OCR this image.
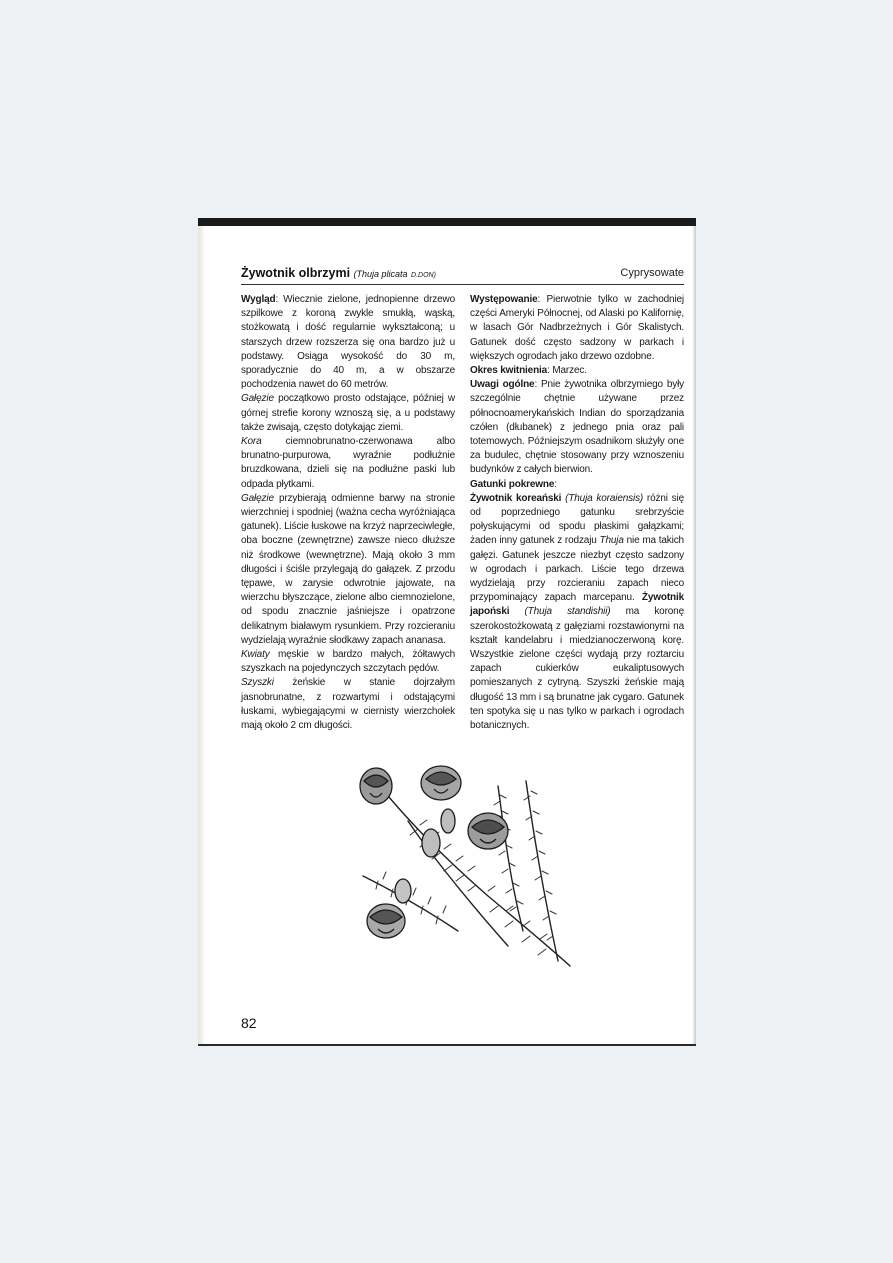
Żywotnik olbrzymi (Thuja plicata D.DON)	Cyprysowate

Wygląd: Wiecznie zielone, jednopienne drzewo szpilkowe z koroną zwykle smukłą, wąską, stożkowatą i dość regularnie wykształconą; u starszych drzew rozszerza się ona bardzo już u podstawy. Osiąga wysokość do 30 m, sporadycznie do 40 m, a w obszarze pochodzenia nawet do 60 metrów.

Gałęzie początkowo prosto odstające, później w górnej strefie korony wznoszą się, a u podstawy także zwisają, często dotykając ziemi.

Kora ciemnobrunatno-czerwonawa albo brunatno-purpurowa, wyraźnie podłużnie bruzdkowana, dzieli się na podłużne paski lub odpada płytkami.

Gałęzie przybierają odmienne barwy na stronie wierzchniej i spodniej (ważna cecha wyróżniająca gatunek). Liście łuskowe na krzyż naprzeciwległe, oba boczne (zewnętrzne) zawsze nieco dłuższe niż środkowe (wewnętrzne). Mają około 3 mm długości i ściśle przylegają do gałązek. Z przodu tępawe, w zarysie odwrotnie jajowate, na wierzchu błyszczące, zielone albo ciemnozielone, od spodu znacznie jaśniejsze i opatrzone delikatnym białawym rysunkiem. Przy rozcieraniu wydzielają wyraźnie słodkawy zapach ananasa.

Kwiaty męskie w bardzo małych, żółtawych szyszkach na pojedynczych szczytach pędów.

Szyszki żeńskie w stanie dojrzałym jasnobrunatne, z rozwartymi i odstającymi łuskami, wybiegającymi w ciernisty wierzchołek mają około 2 cm długości.

Występowanie: Pierwotnie tylko w zachodniej części Ameryki Północnej, od Alaski po Kalifornię, w lasach Gór Nadbrzeżnych i Gór Skalistych. Gatunek dość często sadzony w parkach i większych ogrodach jako drzewo ozdobne.

Okres kwitnienia: Marzec.

Uwagi ogólne: Pnie żywotnika olbrzymiego były szczególnie chętnie używane przez północnoamerykańskich Indian do sporządzania czółen (dłubanek) z jednego pnia oraz pali totemowych. Późniejszym osadnikom służyły one za budulec, chętnie stosowany przy wznoszeniu budynków z całych bierwion.

Gatunki pokrewne:

Żywotnik koreański (Thuja koraiensis) różni się od poprzedniego gatunku srebrzyście połyskującymi od spodu płaskimi gałązkami; żaden inny gatunek z rodzaju Thuja nie ma takich gałęzi. Gatunek jeszcze niezbyt często sadzony w ogrodach i parkach. Liście tego drzewa wydzielają przy rozcieraniu zapach nieco przypominający zapach marcepanu. Żywotnik japoński (Thuja standishii) ma koronę szerokostożkowatą z gałęziami rozstawionymi na kształt kandelabru i miedzianoczerwoną korę. Wszystkie zielone części wydają przy roztarciu zapach cukierków eukaliptusowych pomieszanych z cytryną. Szyszki żeńskie mają długość 13 mm i są brunatne jak cygaro. Gatunek ten spotyka się u nas tylko w parkach i ogrodach botanicznych.

82
